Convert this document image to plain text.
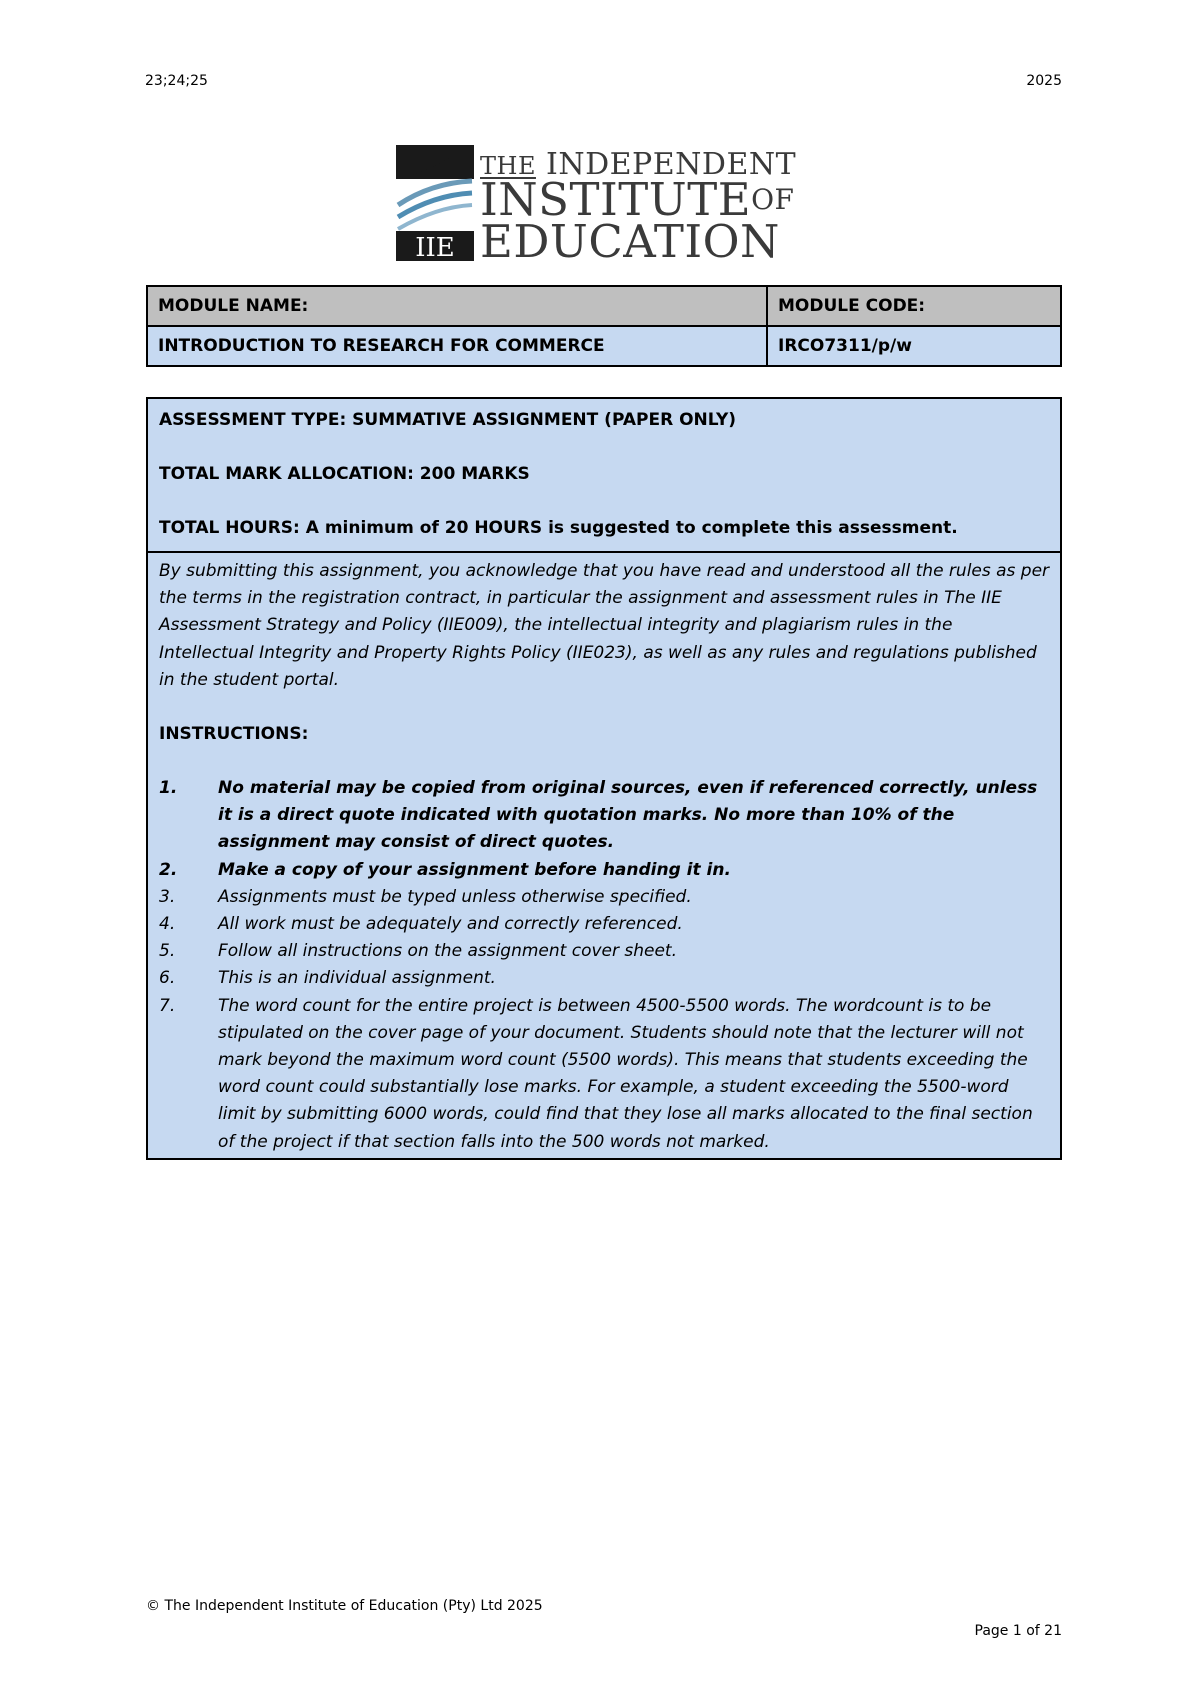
23;24;25	2025
IIE
THE INDEPENDENT
INSTITUTEOF
EDUCATION
MODULE NAME:	MODULE CODE:
INTRODUCTION TO RESEARCH FOR COMMERCE	IRCO7311/p/w

ASSESSMENT TYPE: SUMMATIVE ASSIGNMENT (PAPER ONLY)

TOTAL MARK ALLOCATION: 200 MARKS

TOTAL HOURS: A minimum of 20 HOURS is suggested to complete this assessment.

By submitting this assignment, you acknowledge that you have read and understood all the rules as per the terms in the registration contract, in particular the assignment and assessment rules in The IIE Assessment Strategy and Policy (IIE009), the intellectual integrity and plagiarism rules in the Intellectual Integrity and Property Rights Policy (IIE023), as well as any rules and regulations published in the student portal.

INSTRUCTIONS:

1. No material may be copied from original sources, even if referenced correctly, unless it is a direct quote indicated with quotation marks. No more than 10% of the assignment may consist of direct quotes.
2. Make a copy of your assignment before handing it in.
3.	Assignments must be typed unless otherwise specified.
4.	All work must be adequately and correctly referenced.
5.	Follow all instructions on the assignment cover sheet.
6.	This is an individual assignment.
7.	The word count for the entire project is between 4500-5500 words. The wordcount is to be stipulated on the cover page of your document. Students should note that the lecturer will not mark beyond the maximum word count (5500 words). This means that students exceeding the word count could substantially lose marks. For example, a student exceeding the 5500-word limit by submitting 6000 words, could find that they lose all marks allocated to the final section of the project if that section falls into the 500 words not marked.
© The Independent Institute of Education (Pty) Ltd 2025
Page 1 of 21
